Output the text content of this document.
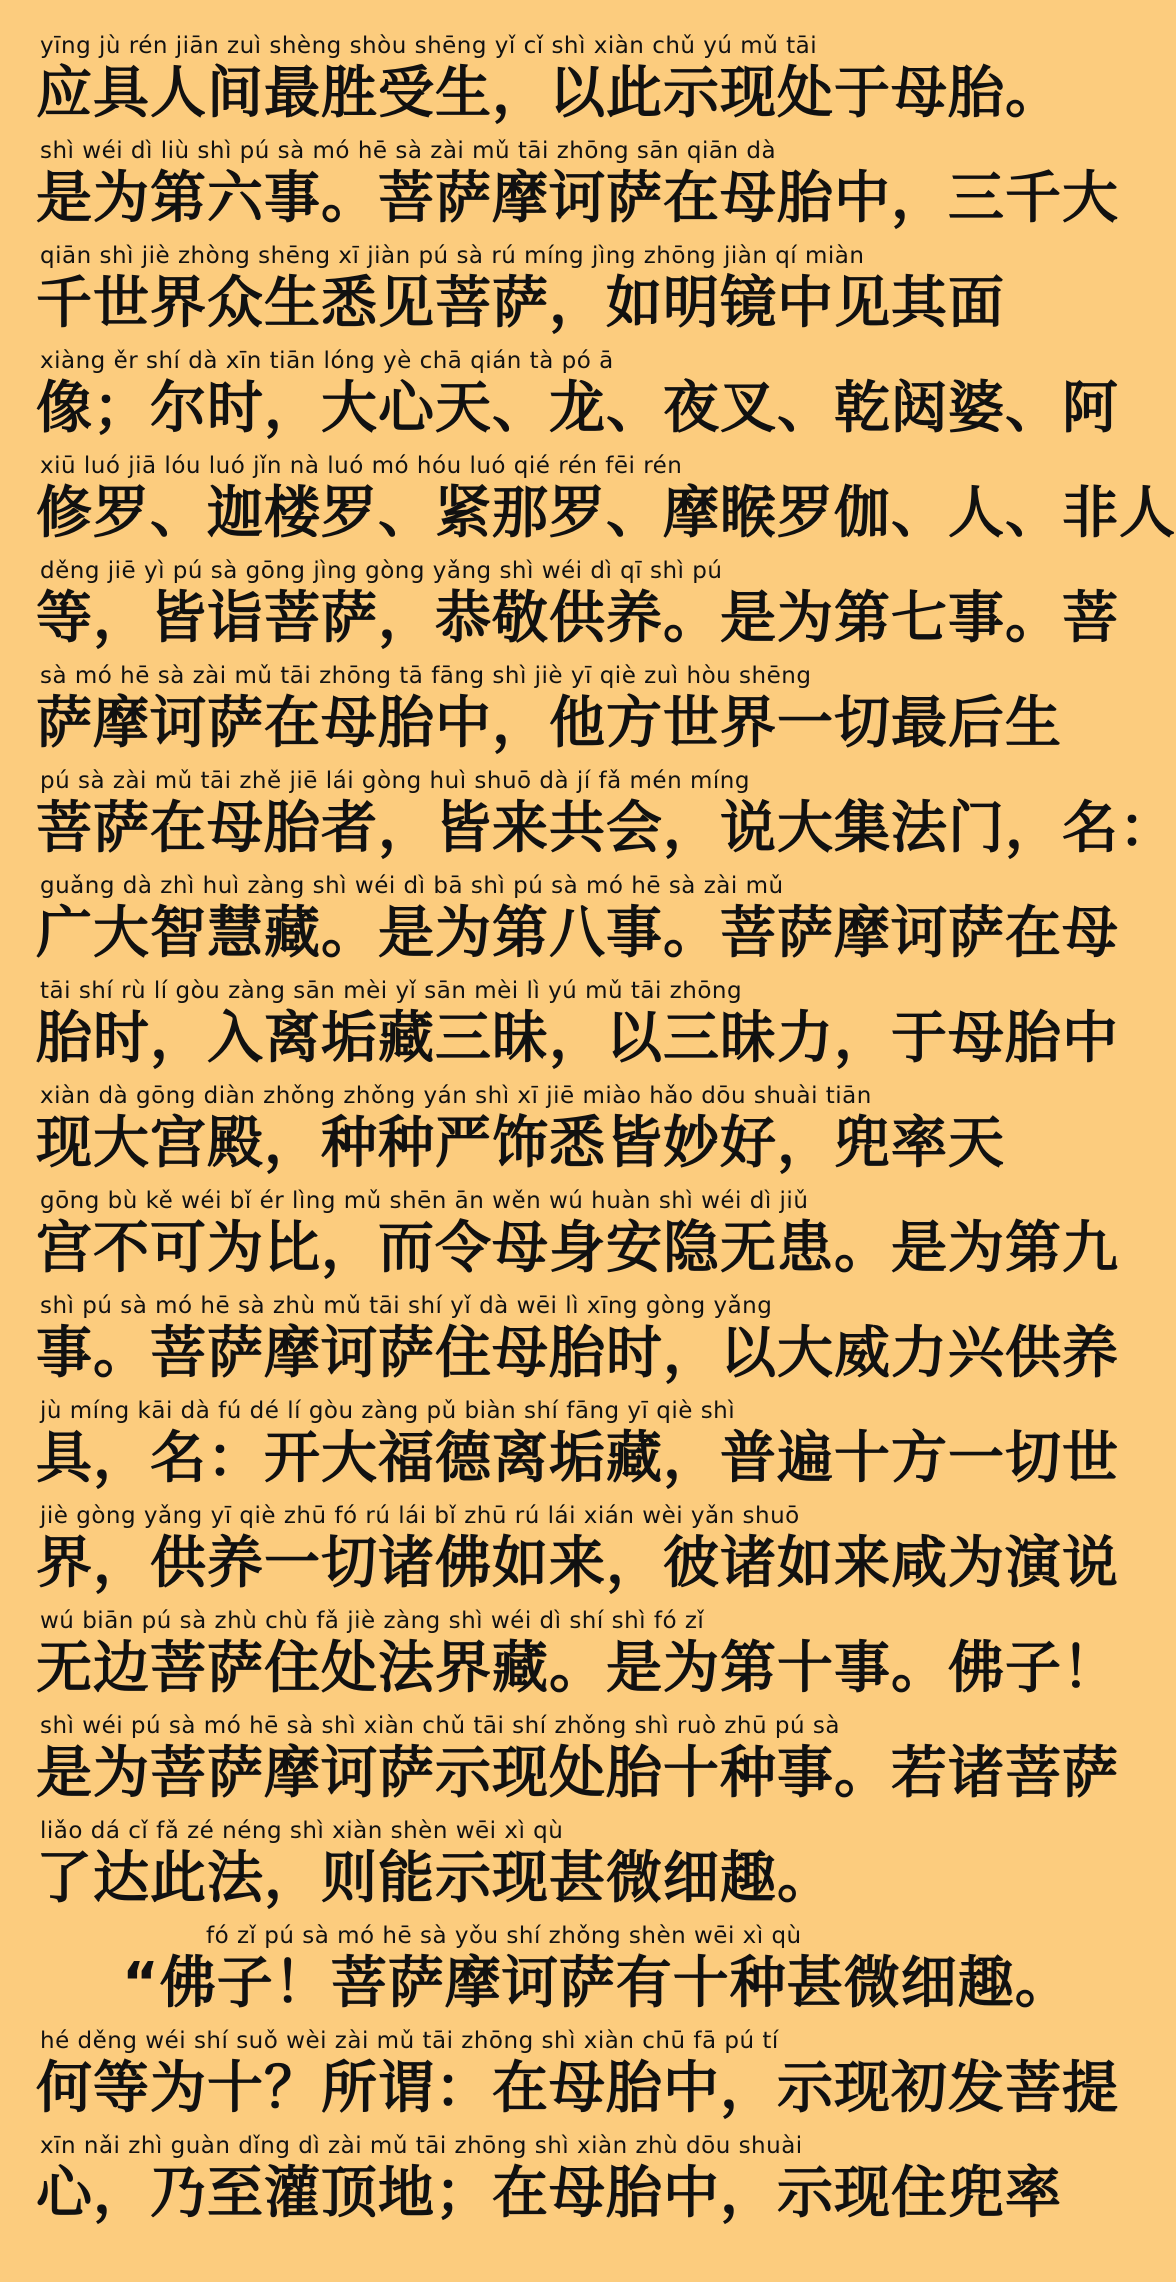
yīng jù rén jiān zuì shèng shòu shēng yǐ cǐ shì xiàn chǔ yú mǔ tāi
应具人间最胜受生，以此示现处于母胎。
shì wéi dì liù shì pú sà mó hē sà zài mǔ tāi zhōng sān qiān dà
是为第六事。菩萨摩诃萨在母胎中，三千大
qiān shì jiè zhòng shēng xī jiàn pú sà rú míng jìng zhōng jiàn qí miàn
千世界众生悉见菩萨，如明镜中见其面
xiàng ěr shí dà xīn tiān lóng yè chā qián tà pó ā
像；尔时，大心天、龙、夜叉、乾闼婆、阿
xiū luó jiā lóu luó jǐn nà luó mó hóu luó qié rén fēi rén
修罗、迦楼罗、紧那罗、摩睺罗伽、人、非人
děng jiē yì pú sà gōng jìng gòng yǎng shì wéi dì qī shì pú
等，皆诣菩萨，恭敬供养。是为第七事。菩
sà mó hē sà zài mǔ tāi zhōng tā fāng shì jiè yī qiè zuì hòu shēng
萨摩诃萨在母胎中，他方世界一切最后生
pú sà zài mǔ tāi zhě jiē lái gòng huì shuō dà jí fǎ mén míng
菩萨在母胎者，皆来共会，说大集法门，名：
guǎng dà zhì huì zàng shì wéi dì bā shì pú sà mó hē sà zài mǔ
广大智慧藏。是为第八事。菩萨摩诃萨在母
tāi shí rù lí gòu zàng sān mèi yǐ sān mèi lì yú mǔ tāi zhōng
胎时，入离垢藏三昧，以三昧力，于母胎中
xiàn dà gōng diàn zhǒng zhǒng yán shì xī jiē miào hǎo dōu shuài tiān
现大宫殿，种种严饰悉皆妙好，兜率天
gōng bù kě wéi bǐ ér lìng mǔ shēn ān wěn wú huàn shì wéi dì jiǔ
宫不可为比，而令母身安隐无患。是为第九
shì pú sà mó hē sà zhù mǔ tāi shí yǐ dà wēi lì xīng gòng yǎng
事。菩萨摩诃萨住母胎时，以大威力兴供养
jù míng kāi dà fú dé lí gòu zàng pǔ biàn shí fāng yī qiè shì
具，名：开大福德离垢藏，普遍十方一切世
jiè gòng yǎng yī qiè zhū fó rú lái bǐ zhū rú lái xián wèi yǎn shuō
界，供养一切诸佛如来，彼诸如来咸为演说
wú biān pú sà zhù chù fǎ jiè zàng shì wéi dì shí shì fó zǐ
无边菩萨住处法界藏。是为第十事。佛子！
shì wéi pú sà mó hē sà shì xiàn chǔ tāi shí zhǒng shì ruò zhū pú sà
是为菩萨摩诃萨示现处胎十种事。若诸菩萨
liǎo dá cǐ fǎ zé néng shì xiàn shèn wēi xì qù
了达此法，则能示现甚微细趣。
fó zǐ pú sà mó hē sà yǒu shí zhǒng shèn wēi xì qù
“佛子！菩萨摩诃萨有十种甚微细趣。
hé děng wéi shí suǒ wèi zài mǔ tāi zhōng shì xiàn chū fā pú tí
何等为十？所谓：在母胎中，示现初发菩提
xīn nǎi zhì guàn dǐng dì zài mǔ tāi zhōng shì xiàn zhù dōu shuài
心，乃至灌顶地；在母胎中，示现住兜率
